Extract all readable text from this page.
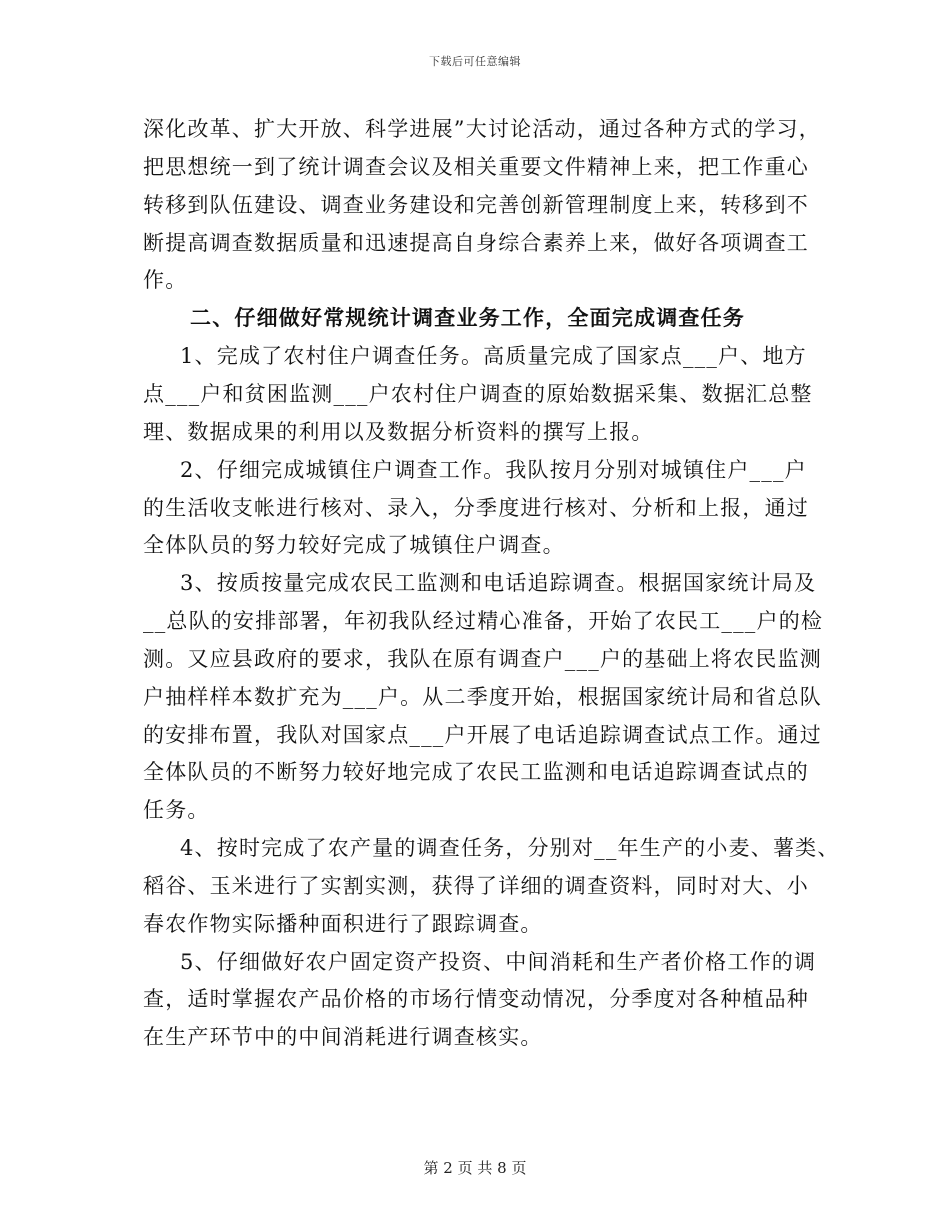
下载后可任意编辑
深化改革、扩大开放、科学进展”大讨论活动，通过各种方式的学习，
把思想统一到了统计调查会议及相关重要文件精神上来，把工作重心
转移到队伍建设、调查业务建设和完善创新管理制度上来，转移到不
断提高调查数据质量和迅速提高自身综合素养上来，做好各项调查工
作。
二、仔细做好常规统计调查业务工作，全面完成调查任务
1、完成了农村住户调查任务。高质量完成了国家点___户、地方
点___户和贫困监测___户农村住户调查的原始数据采集、数据汇总整
理、数据成果的利用以及数据分析资料的撰写上报。
2、仔细完成城镇住户调查工作。我队按月分别对城镇住户___户
的生活收支帐进行核对、录入，分季度进行核对、分析和上报，通过
全体队员的努力较好完成了城镇住户调查。
3、按质按量完成农民工监测和电话追踪调查。根据国家统计局及
__总队的安排部署，年初我队经过精心准备，开始了农民工___户的检
测。又应县政府的要求，我队在原有调查户___户的基础上将农民监测
户抽样样本数扩充为___户。从二季度开始，根据国家统计局和省总队
的安排布置，我队对国家点___户开展了电话追踪调查试点工作。通过
全体队员的不断努力较好地完成了农民工监测和电话追踪调查试点的
任务。
4、按时完成了农产量的调查任务，分别对__年生产的小麦、薯类、
稻谷、玉米进行了实割实测，获得了详细的调查资料，同时对大、小
春农作物实际播种面积进行了跟踪调查。
5、仔细做好农户固定资产投资、中间消耗和生产者价格工作的调
查，适时掌握农产品价格的市场行情变动情况，分季度对各种植品种
在生产环节中的中间消耗进行调查核实。
第 2 页 共 8 页
